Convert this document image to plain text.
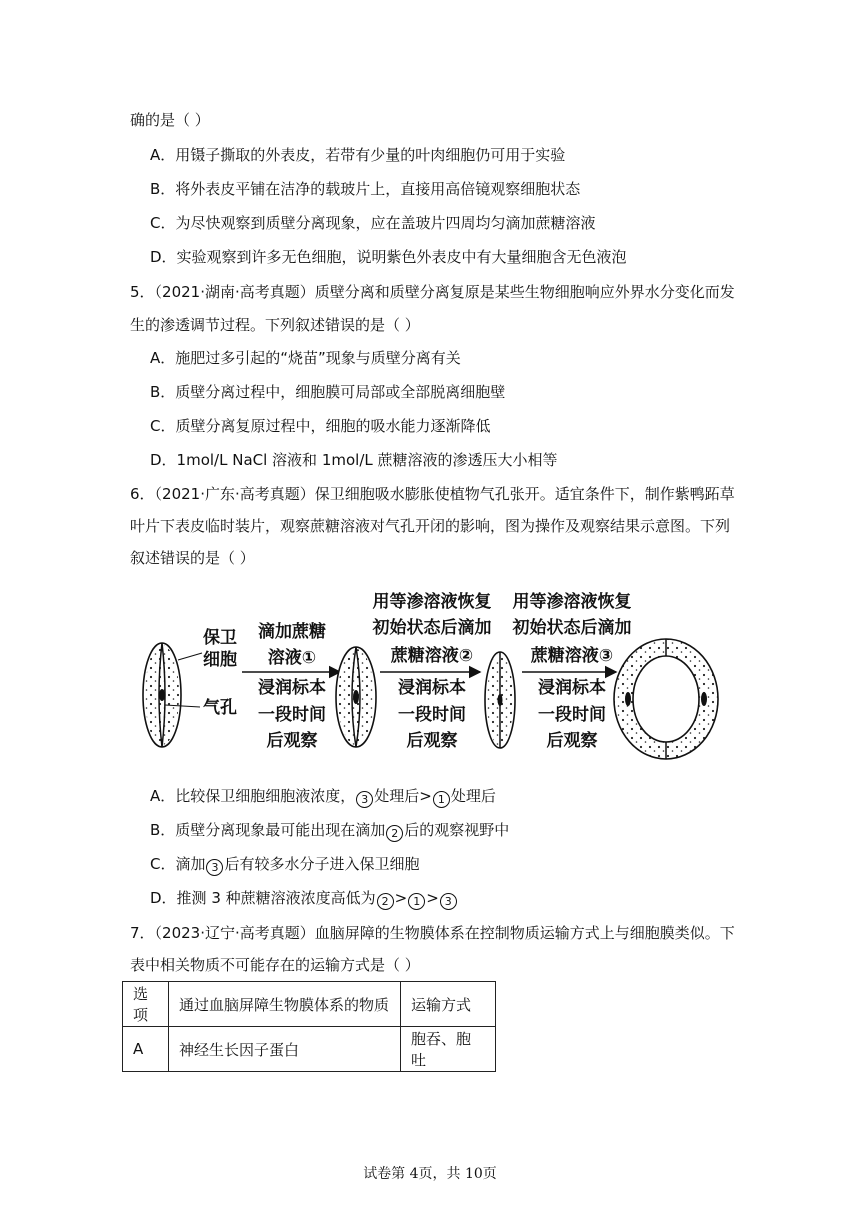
确的是（ ）
A．用镊子撕取的外表皮，若带有少量的叶肉细胞仍可用于实验
B．将外表皮平铺在洁净的载玻片上，直接用高倍镜观察细胞状态
C．为尽快观察到质壁分离现象，应在盖玻片四周均匀滴加蔗糖溶液
D．实验观察到许多无色细胞，说明紫色外表皮中有大量细胞含无色液泡
5．（2021·湖南·高考真题）质壁分离和质壁分离复原是某些生物细胞响应外界水分变化而发
生的渗透调节过程。下列叙述错误的是（ ）
A．施肥过多引起的“烧苗”现象与质壁分离有关
B．质壁分离过程中，细胞膜可局部或全部脱离细胞壁
C．质壁分离复原过程中，细胞的吸水能力逐渐降低
D．1mol/L NaCl 溶液和 1mol/L 蔗糖溶液的渗透压大小相等
6．（2021·广东·高考真题）保卫细胞吸水膨胀使植物气孔张开。适宜条件下，制作紫鸭跖草
叶片下表皮临时装片，观察蔗糖溶液对气孔开闭的影响，图为操作及观察结果示意图。下列
叙述错误的是（ ）
保卫
细胞
气孔
滴加蔗糖
溶液①
浸润标本
一段时间
后观察
用等渗溶液恢复
初始状态后滴加
蔗糖溶液②
浸润标本
一段时间
后观察
用等渗溶液恢复
初始状态后滴加
蔗糖溶液③
浸润标本
一段时间
后观察
A．比较保卫细胞细胞液浓度， 3 处理后> 1 处理后
B．质壁分离现象最可能出现在滴加 2 后的观察视野中
C．滴加 3 后有较多水分子进入保卫细胞
D．推测 3 种蔗糖溶液浓度高低为 2 > 1 > 3
7．（2023·辽宁·高考真题）血脑屏障的生物膜体系在控制物质运输方式上与细胞膜类似。下
表中相关物质不可能存在的运输方式是（ ）
选项	通过血脑屏障生物膜体系的物质	运输方式
A	神经生长因子蛋白	胞吞、胞吐
试卷第 4页，共 10页
